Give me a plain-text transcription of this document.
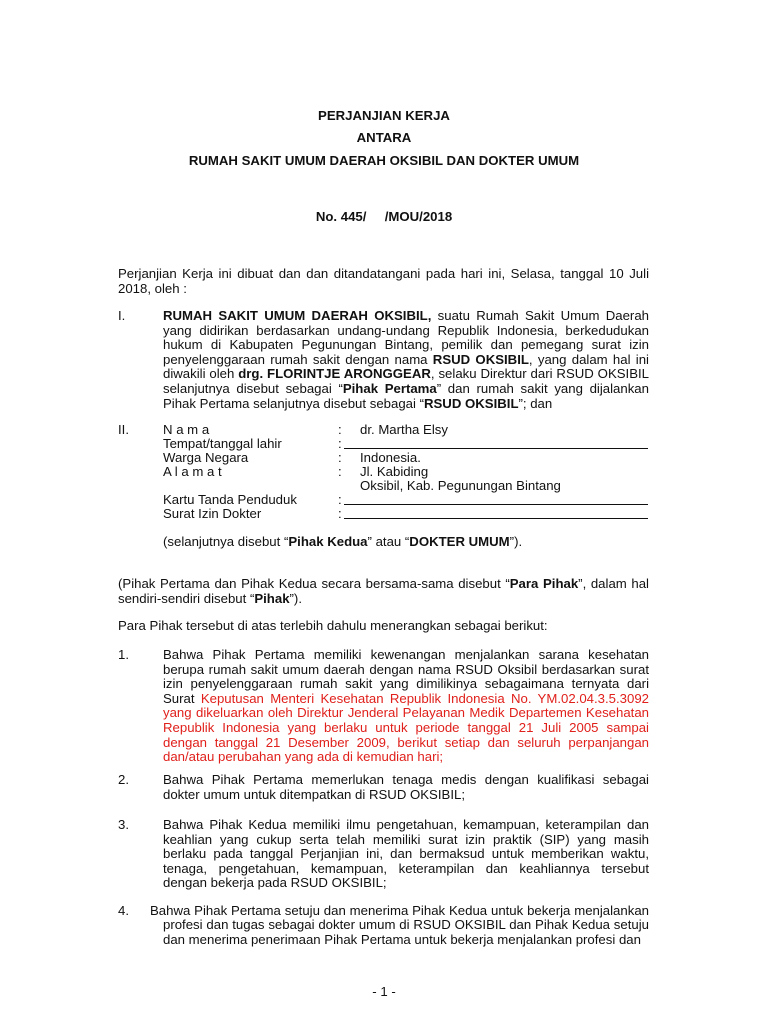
PERJANJIAN KERJA
ANTARA
RUMAH SAKIT UMUM DAERAH OKSIBIL DAN DOKTER UMUM
No. 445/     /MOU/2018
Perjanjian Kerja ini dibuat dan dan ditandatangani pada hari ini, Selasa, tanggal 10 Juli 2018, oleh :
I.	RUMAH SAKIT UMUM DAERAH OKSIBIL, suatu Rumah Sakit Umum Daerah yang didirikan berdasarkan undang-undang Republik Indonesia, berkedudukan hukum di Kabupaten Pegunungan Bintang, pemilik dan pemegang surat izin penyelenggaraan rumah sakit dengan nama RSUD OKSIBIL, yang dalam hal ini diwakili oleh drg. FLORINTJE ARONGGEAR, selaku Direktur dari RSUD OKSIBIL selanjutnya disebut sebagai “Pihak Pertama” dan rumah sakit yang dijalankan Pihak Pertama selanjutnya disebut sebagai “RSUD OKSIBIL”; dan
II.	N a m a	: dr. Martha Elsy
Tempat/tanggal lahir	:
Warga Negara	: Indonesia.
A l a m a t	: Jl. Kabiding
Oksibil, Kab. Pegunungan Bintang
Kartu Tanda Penduduk	:
Surat Izin Dokter	:
(selanjutnya disebut “Pihak Kedua” atau “DOKTER UMUM”).
(Pihak Pertama dan Pihak Kedua secara bersama-sama disebut “Para Pihak”, dalam hal sendiri-sendiri disebut “Pihak”).
Para Pihak tersebut di atas terlebih dahulu menerangkan sebagai berikut:
1.	Bahwa Pihak Pertama memiliki kewenangan menjalankan sarana kesehatan berupa rumah sakit umum daerah dengan nama RSUD Oksibil berdasarkan surat izin penyelenggaraan rumah sakit yang dimilikinya sebagaimana ternyata dari Surat Keputusan Menteri Kesehatan Republik Indonesia No. YM.02.04.3.5.3092 yang dikeluarkan oleh Direktur Jenderal Pelayanan Medik Departemen Kesehatan Republik Indonesia yang berlaku untuk periode tanggal 21 Juli 2005 sampai dengan tanggal 21 Desember 2009, berikut setiap dan seluruh perpanjangan dan/atau perubahan yang ada di kemudian hari;
2.	Bahwa Pihak Pertama memerlukan tenaga medis dengan kualifikasi sebagai dokter umum untuk ditempatkan di RSUD OKSIBIL;
3.	Bahwa Pihak Kedua memiliki ilmu pengetahuan, kemampuan, keterampilan dan keahlian yang cukup serta telah memiliki surat izin praktik (SIP) yang masih berlaku pada tanggal Perjanjian ini, dan bermaksud untuk memberikan waktu, tenaga, pengetahuan, kemampuan, keterampilan dan keahliannya tersebut dengan bekerja pada RSUD OKSIBIL;
4. Bahwa Pihak Pertama setuju dan menerima Pihak Kedua untuk bekerja menjalankan
profesi dan tugas sebagai dokter umum di RSUD OKSIBIL dan Pihak Kedua setuju dan menerima penerimaan Pihak Pertama untuk bekerja menjalankan profesi dan
- 1 -
